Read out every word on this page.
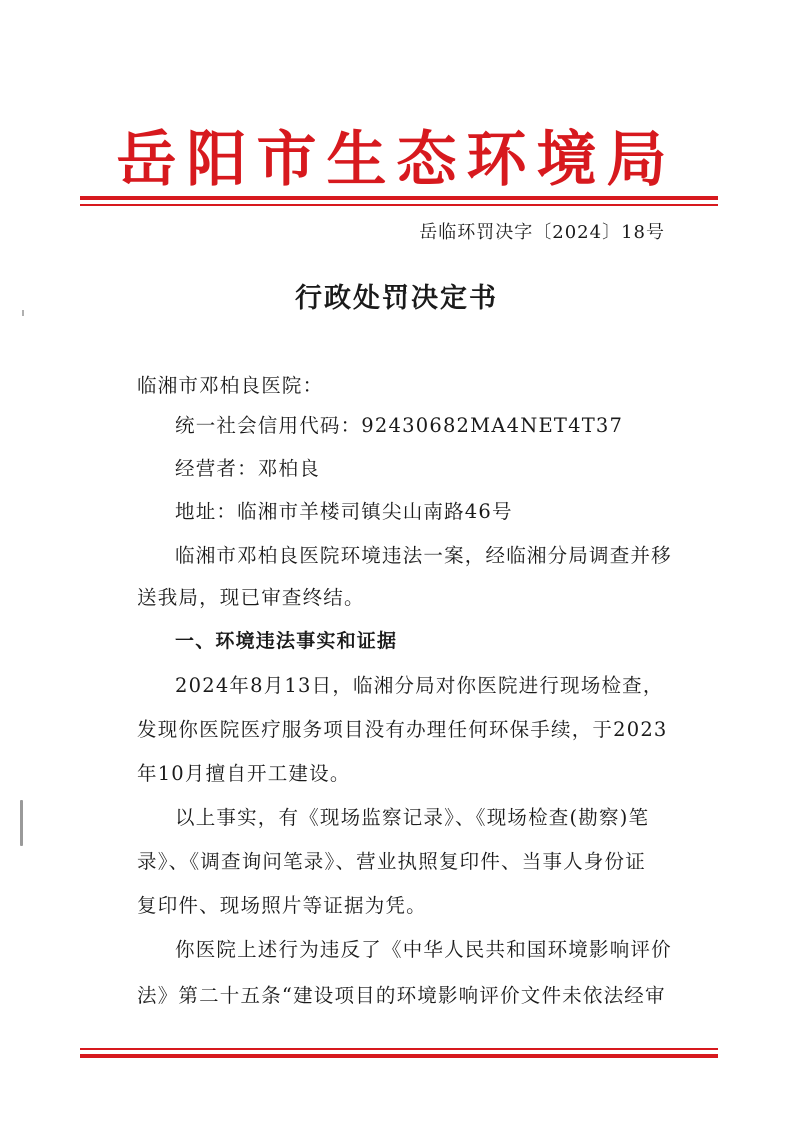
岳阳市生态环境局
岳临环罚决字〔2024〕18号
行政处罚决定书
临湘市邓柏良医院：
统一社会信用代码：92430682MA4NET4T37
经营者：邓柏良
地址：临湘市羊楼司镇尖山南路46号
临湘市邓柏良医院环境违法一案，经临湘分局调查并移
送我局，现已审查终结。
一、环境违法事实和证据
2024年8月13日，临湘分局对你医院进行现场检查，
发现你医院医疗服务项目没有办理任何环保手续，于2023
年10月擅自开工建设。
以上事实，有《现场监察记录》、《现场检查(勘察)笔
录》、《调查询问笔录》、营业执照复印件、当事人身份证
复印件、现场照片等证据为凭。
你医院上述行为违反了《中华人民共和国环境影响评价
法》第二十五条“建设项目的环境影响评价文件未依法经审
